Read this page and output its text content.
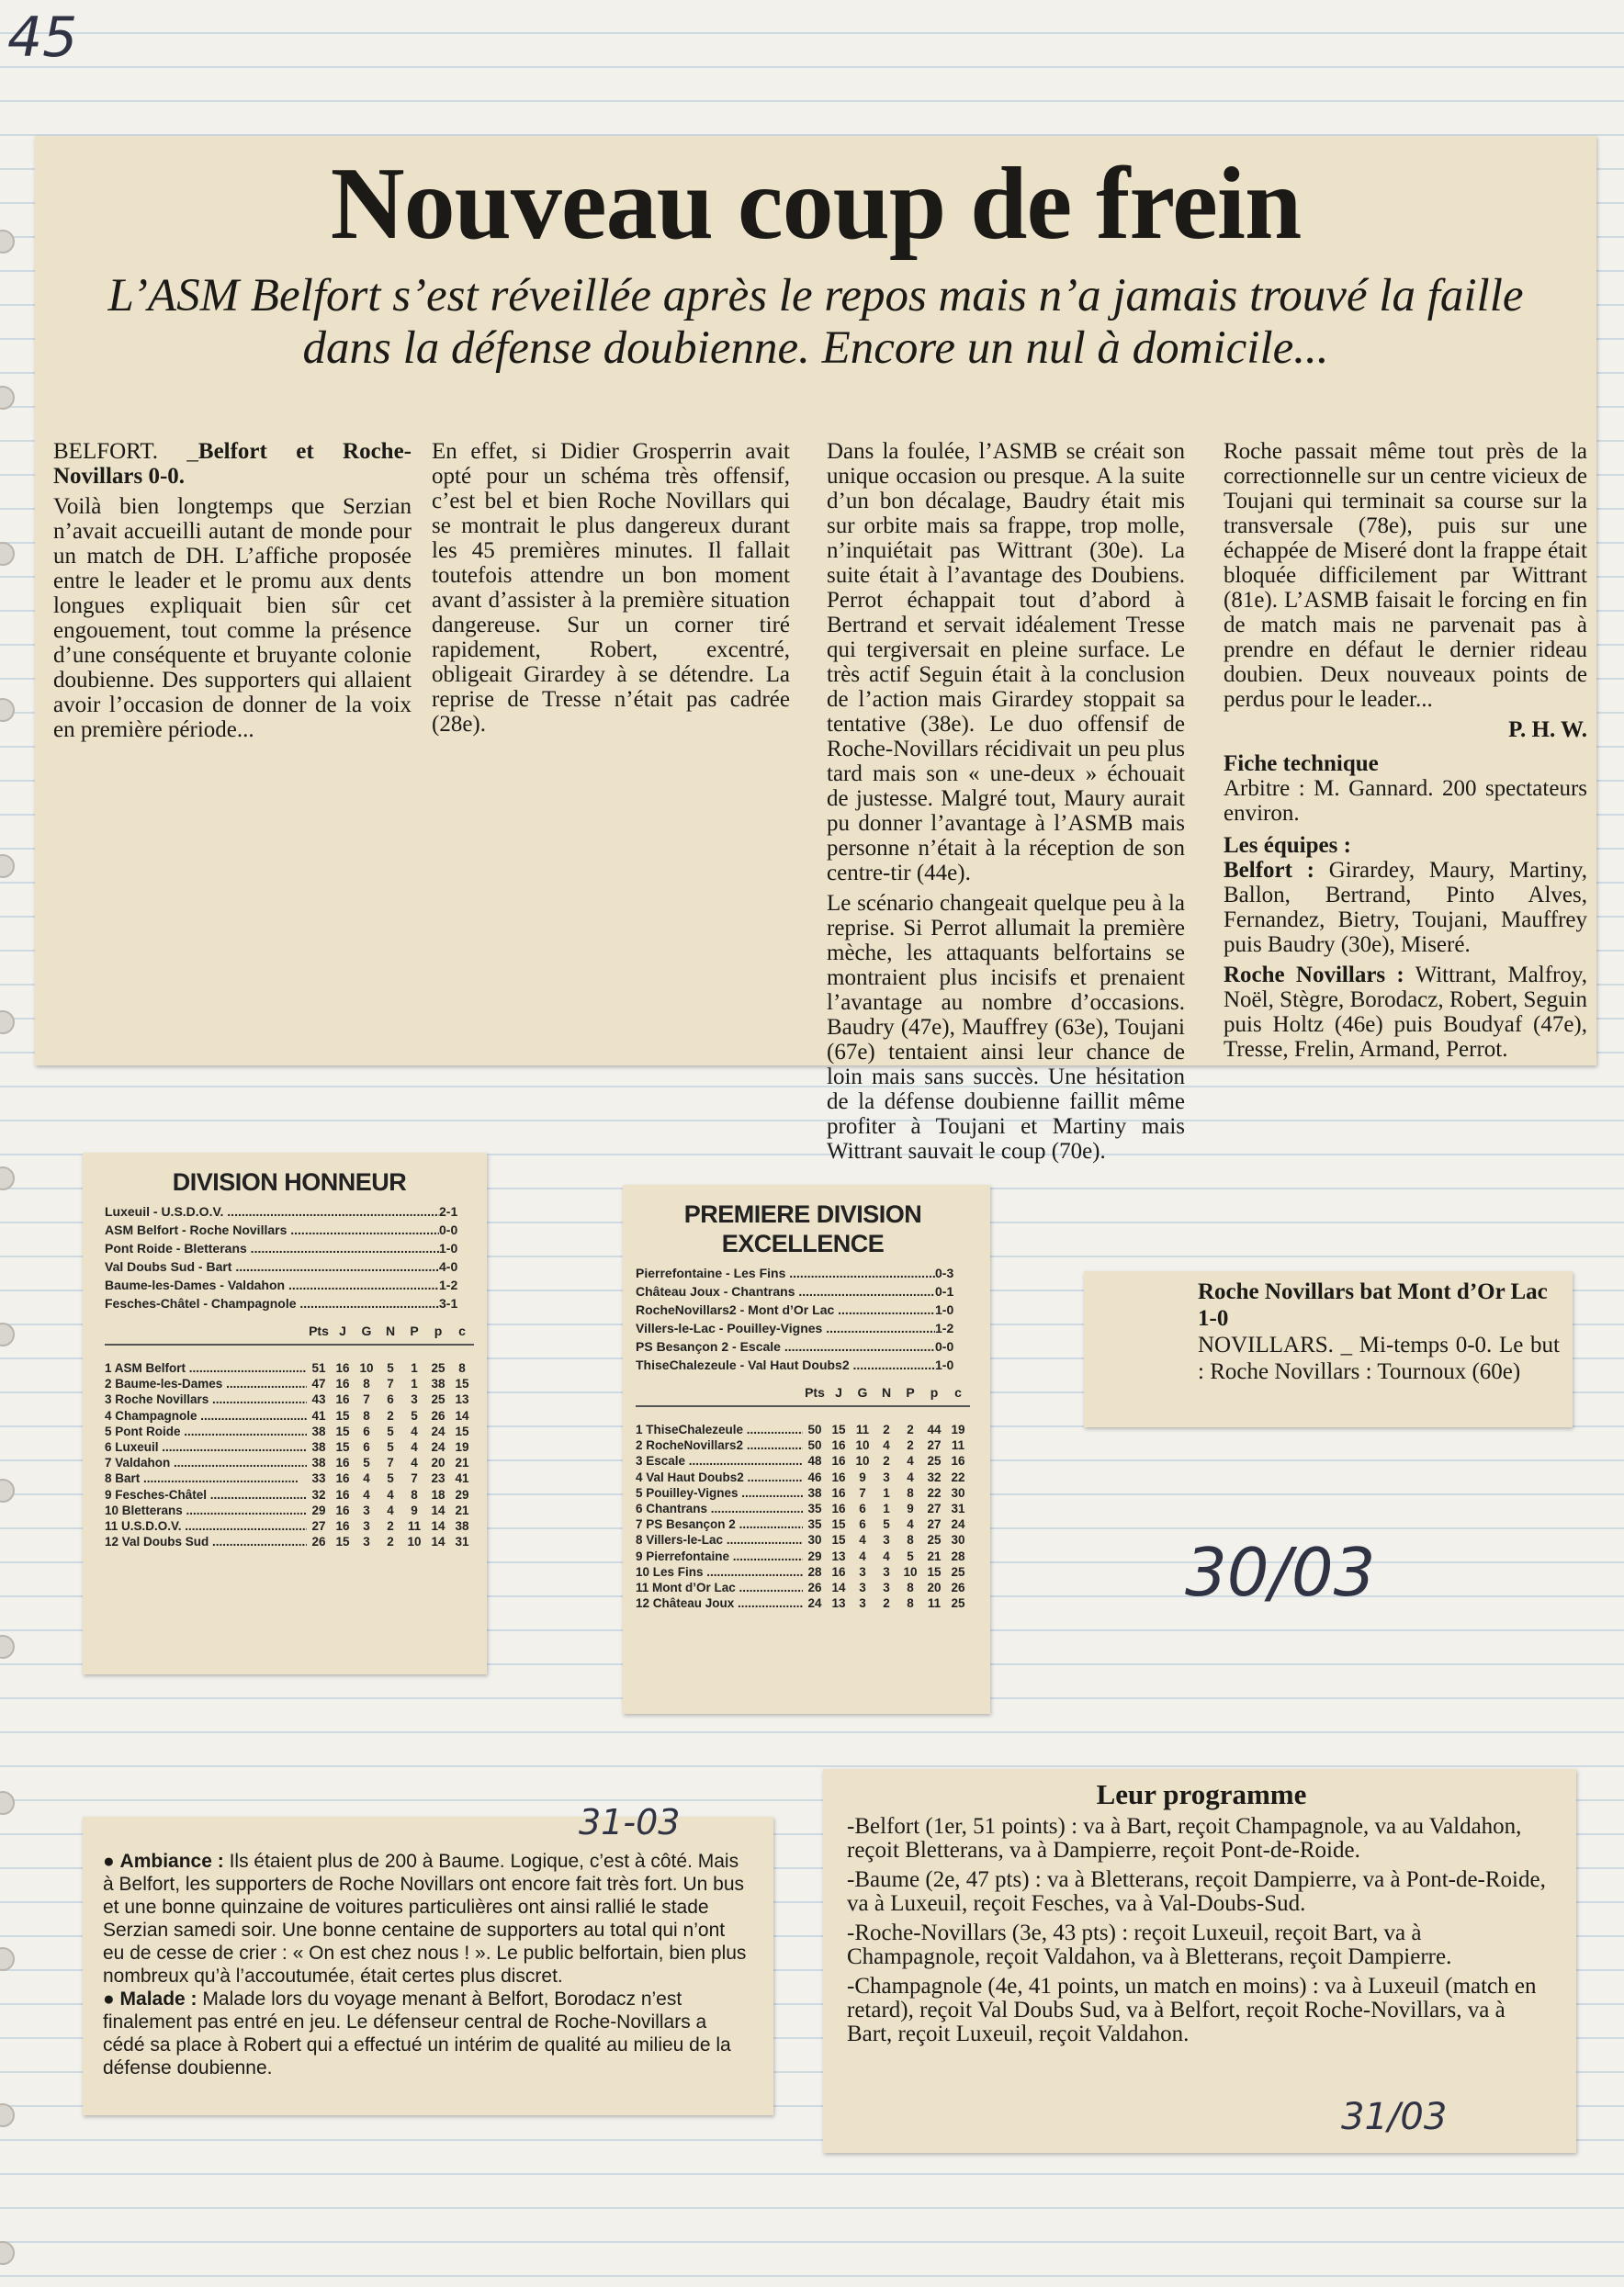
45
Nouveau coup de frein
L’ASM Belfort s’est réveillée après le repos mais n’a jamais trouvé la faille dans la défense doubienne. Encore un nul à domicile...

BELFORT. _Belfort et Roche-Novillars 0-0.

Voilà bien longtemps que Serzian n’avait accueilli autant de monde pour un match de DH. L’affiche proposée entre le leader et le promu aux dents longues expliquait bien sûr cet engouement, tout comme la présence d’une conséquente et bruyante colonie doubienne. Des supporters qui allaient avoir l’occasion de donner de la voix en première période...

En effet, si Didier Grosperrin avait opté pour un schéma très offensif, c’est bel et bien Roche Novillars qui se montrait le plus dangereux durant les 45 premières minutes. Il fallait toutefois attendre un bon moment avant d’assister à la première situation dangereuse. Sur un corner tiré rapidement, Robert, excentré, obligeait Girardey à se détendre. La reprise de Tresse n’était pas cadrée (28e).

Dans la foulée, l’ASMB se créait son unique occasion ou presque. A la suite d’un bon décalage, Baudry était mis sur orbite mais sa frappe, trop molle, n’inquiétait pas Wittrant (30e). La suite était à l’avantage des Doubiens. Perrot échappait tout d’abord à Bertrand et servait idéalement Tresse qui tergiversait en pleine surface. Le très actif Seguin était à la conclusion de l’action mais Girardey stoppait sa tentative (38e). Le duo offensif de Roche-Novillars récidivait un peu plus tard mais son « une-deux » échouait de justesse. Malgré tout, Maury aurait pu donner l’avantage à l’ASMB mais personne n’était à la réception de son centre-tir (44e).

Le scénario changeait quelque peu à la reprise. Si Perrot allumait la première mèche, les attaquants belfortains se montraient plus incisifs et prenaient l’avantage au nombre d’occasions. Baudry (47e), Mauffrey (63e), Toujani (67e) tentaient ainsi leur chance de loin mais sans succès. Une hésitation de la défense doubienne faillit même profiter à Toujani et Martiny mais Wittrant sauvait le coup (70e).

Roche passait même tout près de la correctionnelle sur un centre vicieux de Toujani qui terminait sa course sur la transversale (78e), puis sur une échappée de Miseré dont la frappe était bloquée difficilement par Wittrant (81e). L’ASMB faisait le forcing en fin de match mais ne parvenait pas à prendre en défaut le dernier rideau doubien. Deux nouveaux points de perdus pour le leader...

P. H. W.
Fiche technique

Arbitre : M. Gannard. 200 spectateurs environ.

Les équipes :

Belfort : Girardey, Maury, Martiny, Ballon, Bertrand, Pinto Alves, Fernandez, Bietry, Toujani, Mauffrey puis Baudry (30e), Miseré.

Roche Novillars : Wittrant, Malfroy, Noël, Stègre, Borodacz, Robert, Seguin puis Holtz (46e) puis Boudyaf (47e), Tresse, Frelin, Armand, Perrot.

DIVISION HONNEUR
Luxeuil - U.S.D.O.V. .....	2-1
ASM Belfort - Roche Novillars .....	0-0
Pont Roide - Bletterans .....	1-0
Val Doubs Sud - Bart .....	4-0
Baume-les-Dames - Valdahon .....	1-2
Fesches-Châtel - Champagnole .....	3-1
Pts J	G	N	P	p	c
1 ASM Belfort .....	51 16 10	5	1	25	8
2 Baume-les-Dames .....	47 16	8	7	1	38 15
3 Roche Novillars .....	43 16	7	6	3	25 13
4 Champagnole .....	41 15	8	2	5	26 14
5 Pont Roide .....	38 15	6	5	4	24 15
6 Luxeuil .....	38 15	6	5	4	24 19
7 Valdahon .....	38 16	5	7	4	20 21
8 Bart .....	33 16	4	5	7	23 41
9 Fesches-Châtel .....	32 16	4	4	8	18 29
10 Bletterans .....	29 16	3	4	9	14 21
11 U.S.D.O.V. .....	27 16	3	2	11 14 38
12 Val Doubs Sud .....	26 15	3	2	10 14 31
PREMIERE DIVISION
EXCELLENCE
Pierrefontaine - Les Fins .....	0-3
Château Joux - Chantrans .....	0-1
RocheNovillars2 - Mont d’Or Lac .....	1-0
Villers-le-Lac - Pouilley-Vignes .....	1-2
PS Besançon 2 - Escale .....	0-0
ThiseChalezeule - Val Haut Doubs2 .....	1-0
Pts J	G	N	P	p	c
1 ThiseChalezeule .....	50 15 11	2	2	44 19
2 RocheNovillars2 .....	50 16 10	4	2	27 11
3 Escale .....	48 16 10	2	4	25 16
4 Val Haut Doubs2 .....	46 16	9	3	4	32 22
5 Pouilley-Vignes .....	38 16	7	1	8	22 30
6 Chantrans .....	35 16	6	1	9	27 31
7 PS Besançon 2 .....	35 15	6	5	4	27 24
8 Villers-le-Lac .....	30 15	4	3	8	25 30
9 Pierrefontaine .....	29 13	4	4	5	21 28
10 Les Fins .....	28 16	3	3	10 15 25
11 Mont d’Or Lac .....	26 14	3	3	8	20 26
12 Château Joux .....	24 13	3	2	8	11 25
Roche Novillars bat Mont d’Or Lac 1-0
NOVILLARS. _ Mi-temps 0-0. Le but : Roche Novillars : Tournoux (60e)
30/03
31-03

● Ambiance : Ils étaient plus de 200 à Baume. Logique, c’est à côté. Mais à Belfort, les supporters de Roche Novillars ont encore fait très fort. Un bus et une bonne quinzaine de voitures particulières ont ainsi rallié le stade Serzian samedi soir. Une bonne centaine de supporters au total qui n’ont eu de cesse de crier : « On est chez nous ! ». Le public belfortain, bien plus nombreux qu’à l’accoutumée, était certes plus discret.

● Malade : Malade lors du voyage menant à Belfort, Borodacz n’est finalement pas entré en jeu. Le défenseur central de Roche-Novillars a cédé sa place à Robert qui a effectué un intérim de qualité au milieu de la défense doubienne.

Leur programme

-Belfort (1er, 51 points) : va à Bart, reçoit Champagnole, va au Valdahon, reçoit Bletterans, va à Dampierre, reçoit Pont-de-Roide.

-Baume (2e, 47 pts) : va à Bletterans, reçoit Dampierre, va à Pont-de-Roide, va à Luxeuil, reçoit Fesches, va à Val-Doubs-Sud.

-Roche-Novillars (3e, 43 pts) : reçoit Luxeuil, reçoit Bart, va à Champagnole, reçoit Valdahon, va à Bletterans, reçoit Dampierre.

-Champagnole (4e, 41 points, un match en moins) : va à Luxeuil (match en retard), reçoit Val Doubs Sud, va à Belfort, reçoit Roche-Novillars, va à Bart, reçoit Luxeuil, reçoit Valdahon.

31/03
